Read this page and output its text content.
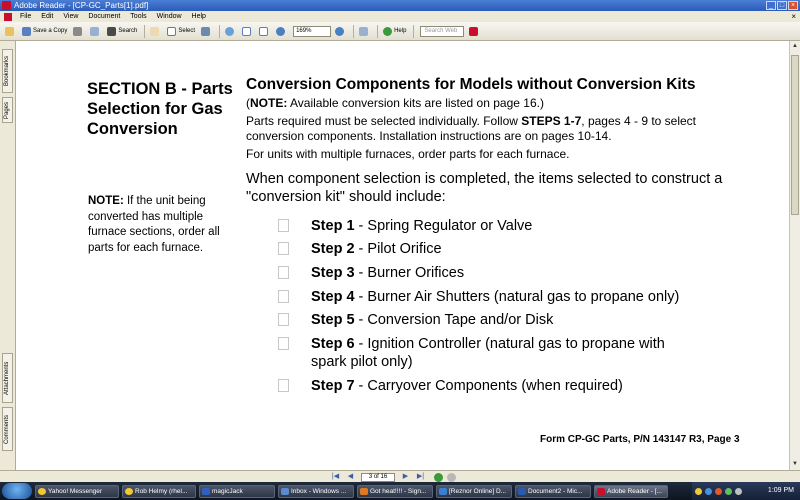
Adobe Reader - [CP-GC_Parts[1].pdf]	_ □ ×
File	Edit	View	Document	Tools	Window	Help	×
Save a Copy	Search	Select	169%	Help	Search Web
Bookmarks
Pages
Attachments
Comments
SECTION B - Parts Selection for Gas Conversion
NOTE: If the unit being converted has multiple furnace sections, order all parts for each furnace.
Conversion Components for Models without Conversion Kits
(NOTE: Available conversion kits are listed on page 16.)
Parts required must be selected individually. Follow STEPS 1-7, pages 4 - 9 to select conversion components. Installation instructions are on pages 10-14.
For units with multiple furnaces, order parts for each furnace.
When component selection is completed, the items selected to construct a "conversion kit" should include:
Step 1 - Spring Regulator or Valve
Step 2 - Pilot Orifice
Step 3 - Burner Orifices
Step 4 - Burner Air Shutters (natural gas to propane only)
Step 5 - Conversion Tape and/or Disk
Step 6 - Ignition Controller (natural gas to propane with spark pilot only)
Step 7 - Carryover Components (when required)
Form CP-GC Parts, P/N 143147 R3, Page 3
▲
▼
|◀	◀	3 of 16	▶	▶|
Yahoo! Messenger	Rob Helmy (rhel...	magicJack	Inbox - Windows ...	Got heat!!!! - Sign...	[Reznor Online] D...	Document2 - Mic...	Adobe Reader - [...	1:09 PM
